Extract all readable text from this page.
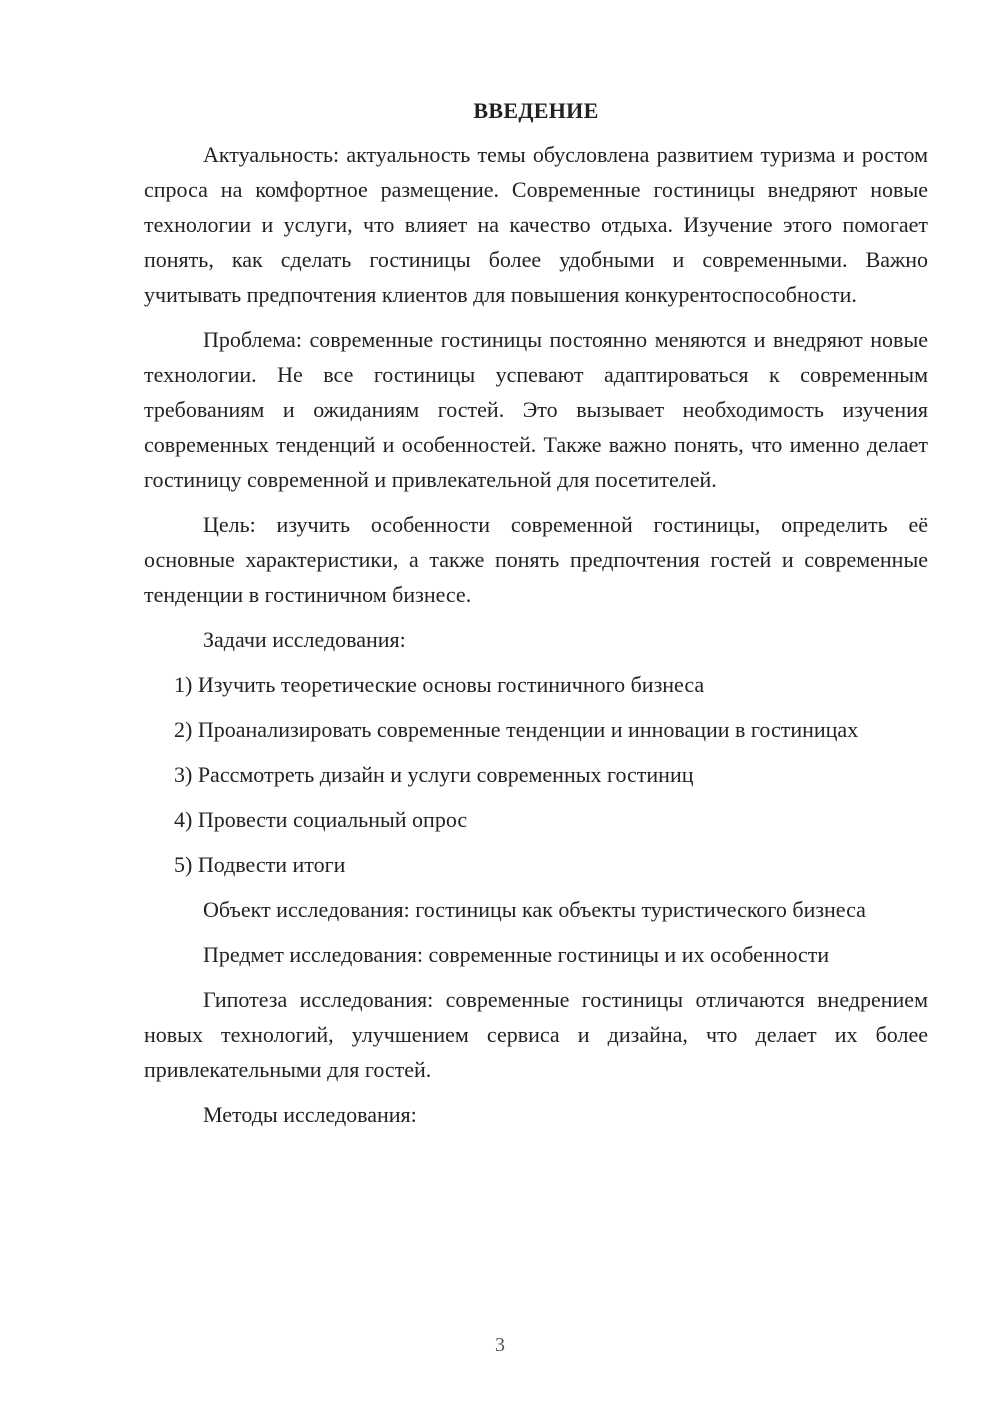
ВВЕДЕНИЕ

Актуальность: актуальность темы обусловлена развитием туризма и ростом спроса на комфортное размещение. Современные гостиницы внедряют новые технологии и услуги, что влияет на качество отдыха. Изучение этого помогает понять, как сделать гостиницы более удобными и современными. Важно учитывать предпочтения клиентов для повышения конкурентоспособности.

Проблема: современные гостиницы постоянно меняются и внедряют новые технологии. Не все гостиницы успевают адаптироваться к современным требованиям и ожиданиям гостей. Это вызывает необходимость изучения современных тенденций и особенностей. Также важно понять, что именно делает гостиницу современной и привлекательной для посетителей.

Цель: изучить особенности современной гостиницы, определить её основные характеристики, а также понять предпочтения гостей и современные тенденции в гостиничном бизнесе.

Задачи исследования:

1) Изучить теоретические основы гостиничного бизнеса

2) Проанализировать современные тенденции и инновации в гостиницах

3) Рассмотреть дизайн и услуги современных гостиниц

4) Провести социальный опрос

5) Подвести итоги

Объект исследования: гостиницы как объекты туристического бизнеса

Предмет исследования: современные гостиницы и их особенности

Гипотеза исследования: современные гостиницы отличаются внедрением новых технологий, улучшением сервиса и дизайна, что делает их более привлекательными для гостей.

Методы исследования:

3
